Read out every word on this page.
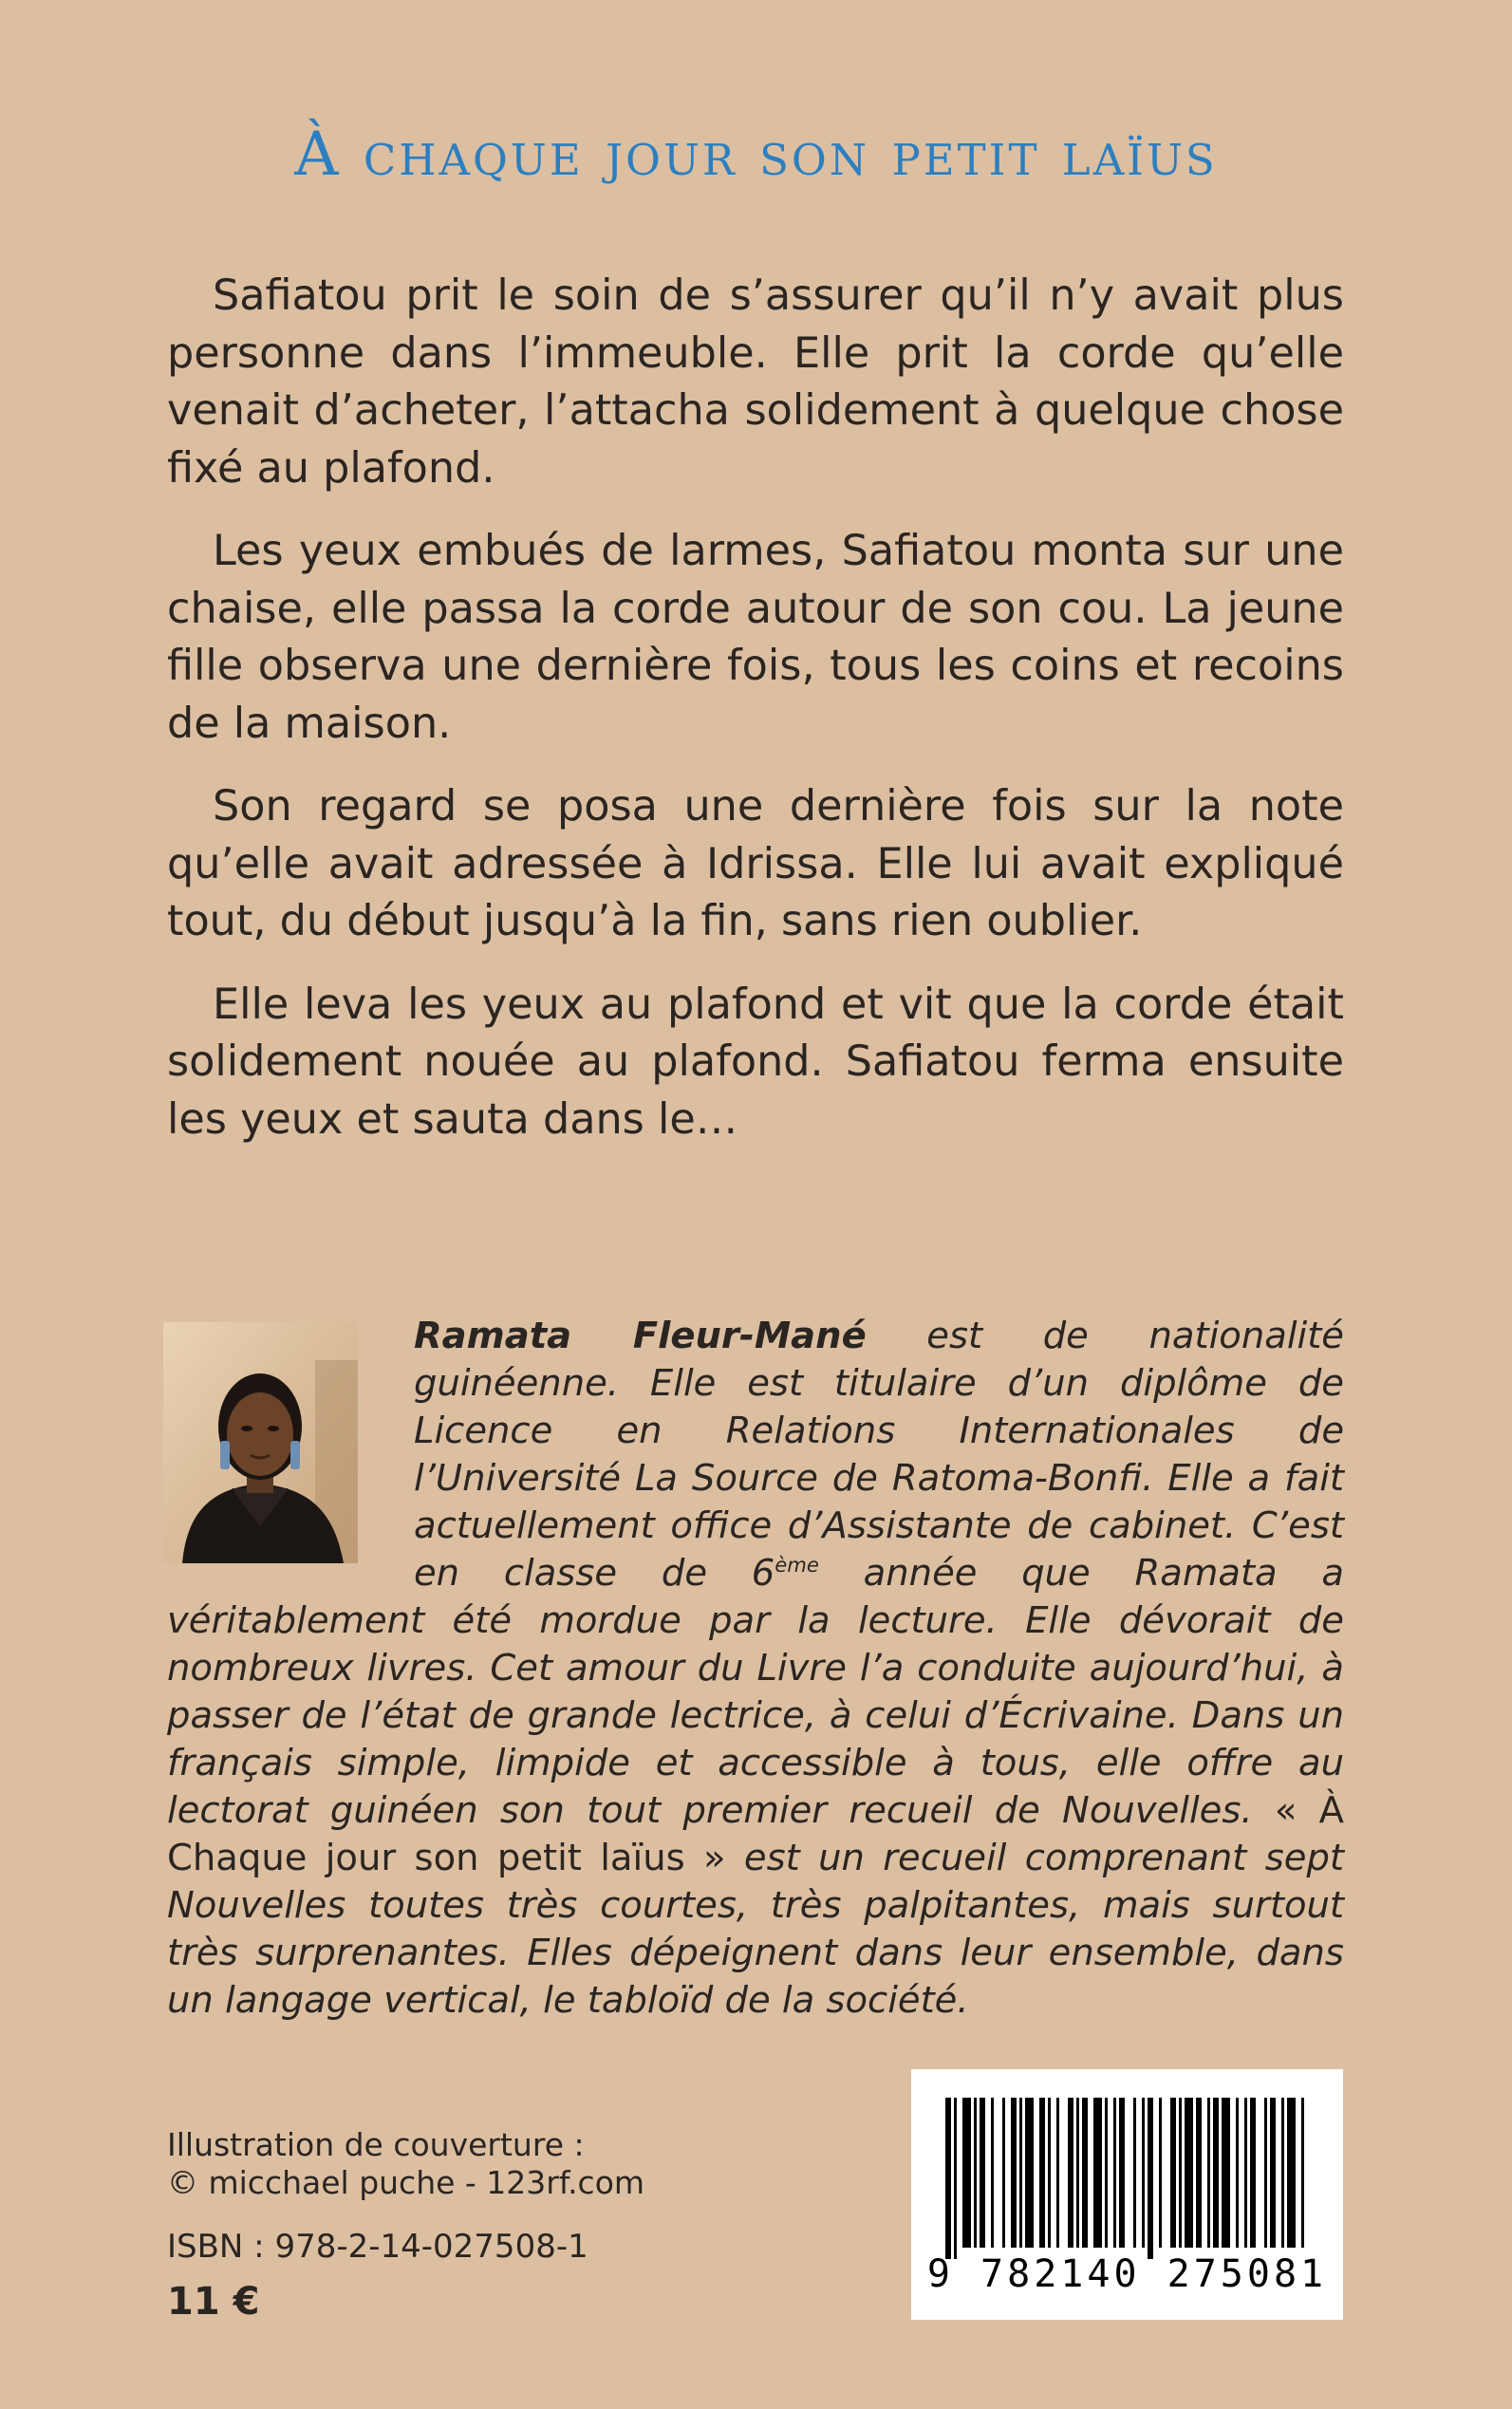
À chaque jour son petit laïus

Safiatou prit le soin de s’assurer qu’il n’y avait plus personne dans l’immeuble. Elle prit la corde qu’elle venait d’acheter, l’attacha solidement à quelque chose fixé au plafond.

Les yeux embués de larmes, Safiatou monta sur une chaise, elle passa la corde autour de son cou. La jeune fille observa une dernière fois, tous les coins et recoins de la maison.

Son regard se posa une dernière fois sur la note qu’elle avait adressée à Idrissa. Elle lui avait expliqué tout, du début jusqu’à la fin, sans rien oublier.

Elle leva les yeux au plafond et vit que la corde était solidement nouée au plafond. Safiatou ferma ensuite les yeux et sauta dans le…

Ramata Fleur-Mané est de nationalité guinéenne. Elle est titulaire d’un diplôme de Licence en Relations Internationales de l’Université La Source de Ratoma-Bonfi. Elle a fait actuellement office d’Assistante de cabinet. C’est en classe de 6ème année que Ramata a véritablement été mordue par la lecture. Elle dévorait de nombreux livres. Cet amour du Livre l’a conduite aujourd’hui, à passer de l’état de grande lectrice, à celui d’Écrivaine. Dans un français simple, limpide et accessible à tous, elle offre au lectorat guinéen son tout premier recueil de Nouvelles. « À Chaque jour son petit laïus » est un recueil comprenant sept Nouvelles toutes très courtes, très palpitantes, mais surtout très surprenantes. Elles dépeignent dans leur ensemble, dans un langage vertical, le tabloïd de la société.

Illustration de couverture :
© micchael puche - 123rf.com
ISBN : 978-2-14-027508-1
11 €
9 782140 275081
